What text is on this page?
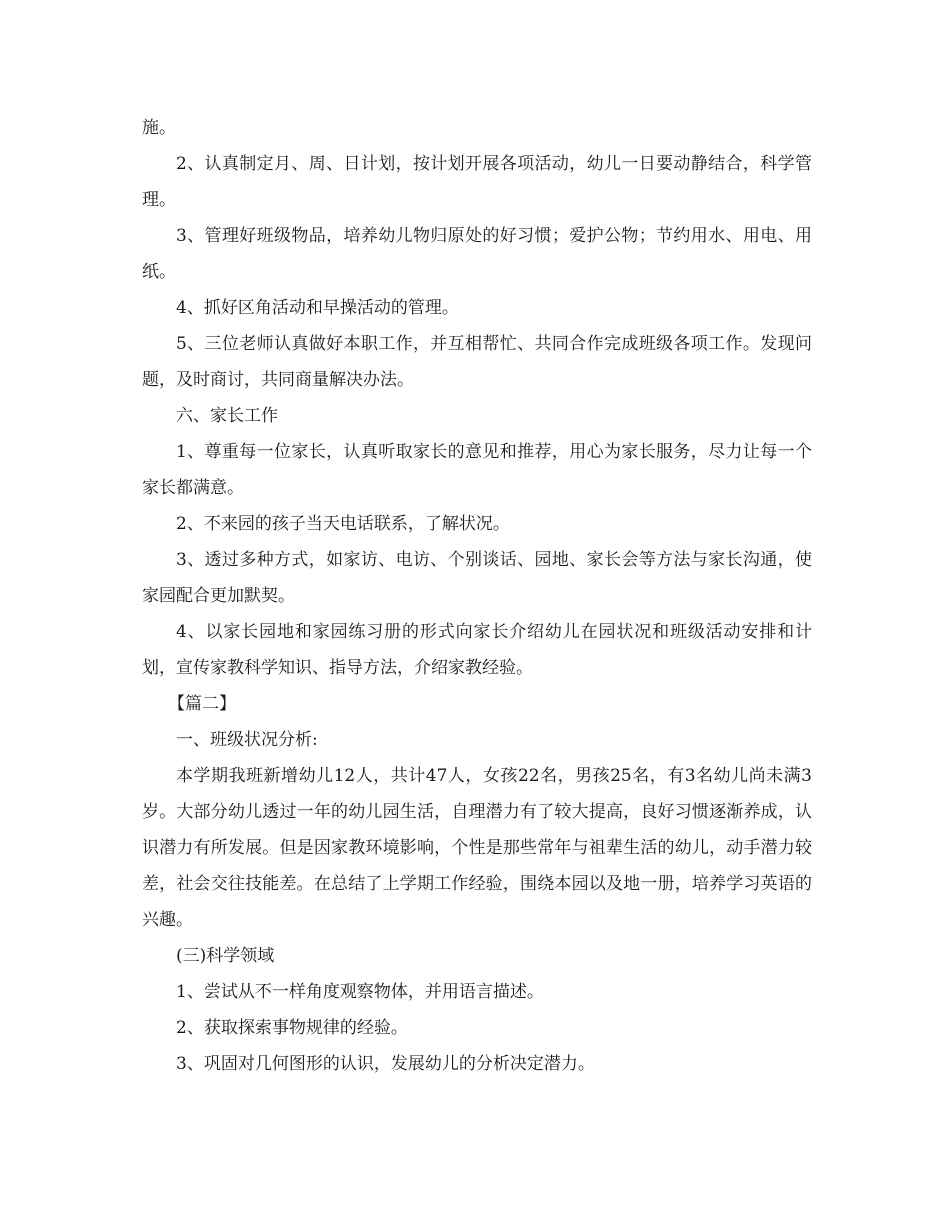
施。

2、认真制定月、周、日计划，按计划开展各项活动，幼儿一日要动静结合，科学管理。

3、管理好班级物品，培养幼儿物归原处的好习惯；爱护公物；节约用水、用电、用纸。

4、抓好区角活动和早操活动的管理。

5、三位老师认真做好本职工作，并互相帮忙、共同合作完成班级各项工作。发现问题，及时商讨，共同商量解决办法。

六、家长工作

1、尊重每一位家长，认真听取家长的意见和推荐，用心为家长服务，尽力让每一个家长都满意。

2、不来园的孩子当天电话联系，了解状况。

3、透过多种方式，如家访、电访、个别谈话、园地、家长会等方法与家长沟通，使家园配合更加默契。

4、以家长园地和家园练习册的形式向家长介绍幼儿在园状况和班级活动安排和计划，宣传家教科学知识、指导方法，介绍家教经验。

【篇二】

一、班级状况分析:

本学期我班新增幼儿12人，共计47人，女孩22名，男孩25名，有3名幼儿尚未满3岁。大部分幼儿透过一年的幼儿园生活，自理潜力有了较大提高，良好习惯逐渐养成，认识潜力有所发展。但是因家教环境影响，个性是那些常年与祖辈生活的幼儿，动手潜力较差，社会交往技能差。在总结了上学期工作经验，围绕本园以及地一册，培养学习英语的兴趣。

(三)科学领域

1、尝试从不一样角度观察物体，并用语言描述。

2、获取探索事物规律的经验。

3、巩固对几何图形的认识，发展幼儿的分析决定潜力。
